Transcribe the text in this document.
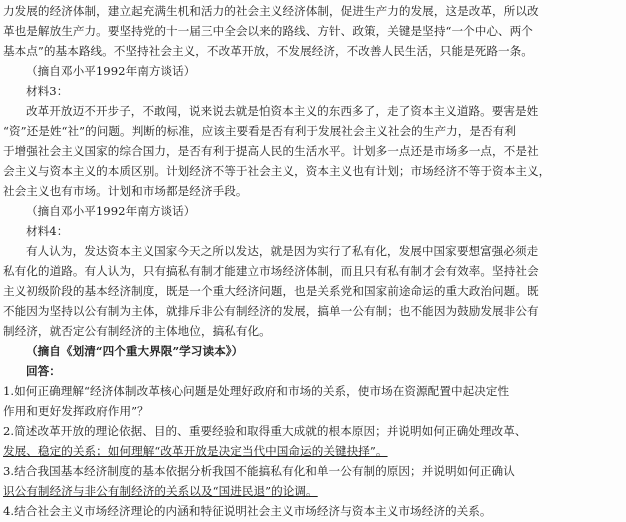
力发展的经济体制，建立起充满生机和活力的社会主义经济体制，促进生产力的发展，这是改革，所以改
革也是解放生产力。要坚持党的十一届三中全会以来的路线、方针、政策，关键是坚持“一个中心、两个
基本点”的基本路线。不坚持社会主义，不改革开放，不发展经济，不改善人民生活，只能是死路一条。
（摘自邓小平1992年南方谈话）
材料3：
改革开放迈不开步子，不敢闯，说来说去就是怕资本主义的东西多了，走了资本主义道路。要害是姓
“资”还是姓“社”的问题。判断的标准，应该主要看是否有利于发展社会主义社会的生产力，是否有利
于增强社会主义国家的综合国力，是否有利于提高人民的生活水平。计划多一点还是市场多一点，不是社
会主义与资本主义的本质区别。计划经济不等于社会主义，资本主义也有计划；市场经济不等于资本主义，
社会主义也有市场。计划和市场都是经济手段。
（摘自邓小平1992年南方谈话）
材料4：
有人认为，发达资本主义国家今天之所以发达，就是因为实行了私有化，发展中国家要想富强必须走
私有化的道路。有人认为，只有搞私有制才能建立市场经济体制，而且只有私有制才会有效率。坚持社会
主义初级阶段的基本经济制度，既是一个重大经济问题，也是关系党和国家前途命运的重大政治问题。既
不能因为坚持以公有制为主体，就排斥非公有制经济的发展，搞单一公有制；也不能因为鼓励发展非公有
制经济，就否定公有制经济的主体地位，搞私有化。
（摘自《划清“四个重大界限”学习读本》）
回答：
1.如何正确理解“经济体制改革核心问题是处理好政府和市场的关系，使市场在资源配置中起决定性
作用和更好发挥政府作用”？
2.简述改革开放的理论依据、目的、重要经验和取得重大成就的根本原因；并说明如何正确处理改革、
发展、稳定的关系；如何理解“改革开放是决定当代中国命运的关键抉择”。
3.结合我国基本经济制度的基本依据分析我国不能搞私有化和单一公有制的原因；并说明如何正确认
识公有制经济与非公有制经济的关系以及“国进民退”的论调。
4.结合社会主义市场经济理论的内涵和特征说明社会主义市场经济与资本主义市场经济的关系。
